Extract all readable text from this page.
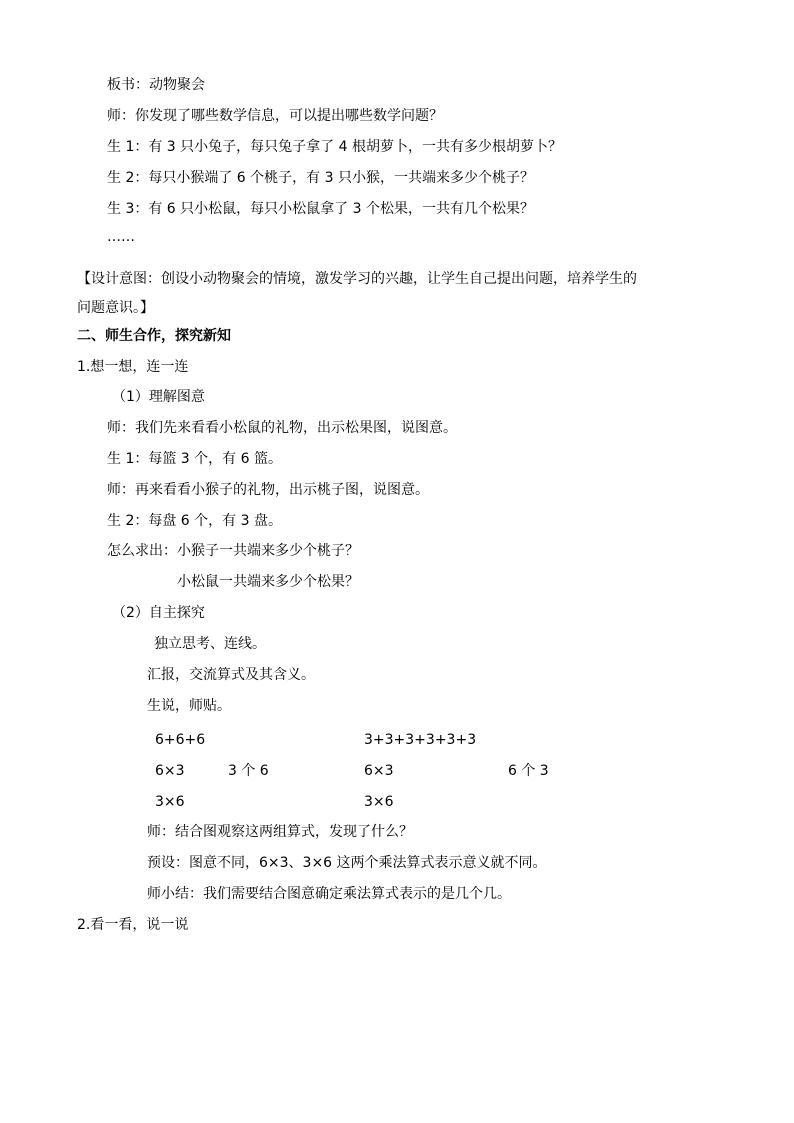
板书：动物聚会
师：你发现了哪些数学信息，可以提出哪些数学问题？
生 1：有 3 只小兔子，每只兔子拿了 4 根胡萝卜，一共有多少根胡萝卜？
生 2：每只小猴端了 6 个桃子，有 3 只小猴，一共端来多少个桃子？
生 3：有 6 只小松鼠，每只小松鼠拿了 3 个松果，一共有几个松果？
……
【设计意图：创设小动物聚会的情境，激发学习的兴趣，让学生自己提出问题，培养学生的
问题意识。】
二、师生合作，探究新知
1.想一想，连一连
（1）理解图意
师：我们先来看看小松鼠的礼物，出示松果图，说图意。
生 1：每篮 3 个，有 6 篮。
师：再来看看小猴子的礼物，出示桃子图，说图意。
生 2：每盘 6 个，有 3 盘。
怎么求出：小猴子一共端来多少个桃子？
小松鼠一共端来多少个松果？
（2）自主探究
独立思考、连线。
汇报，交流算式及其含义。
生说，师贴。
6+6+6	3+3+3+3+3+3
6×3	3 个 6	6×3	6 个 3
3×6	3×6
师：结合图观察这两组算式，发现了什么？
预设：图意不同，6×3、3×6 这两个乘法算式表示意义就不同。
师小结：我们需要结合图意确定乘法算式表示的是几个几。
2.看一看，说一说
